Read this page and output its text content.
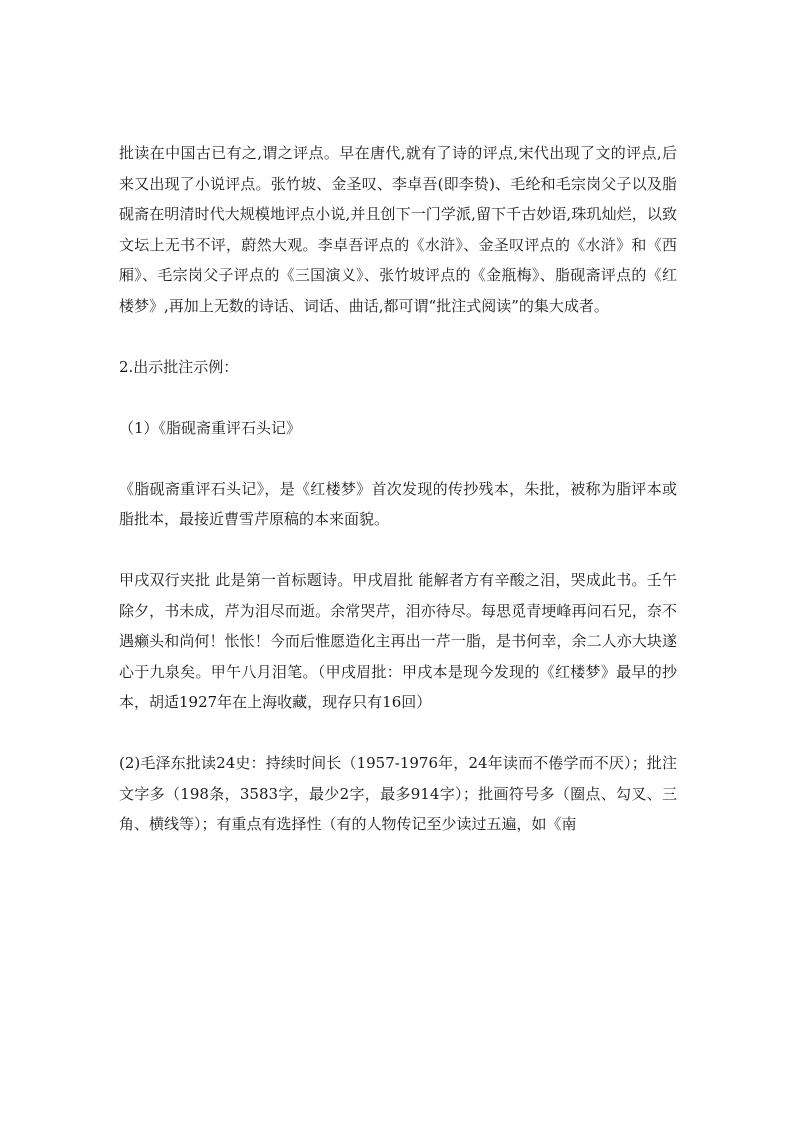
批读在中国古已有之,谓之评点。早在唐代,就有了诗的评点,宋代出现了文的评点,后来又出现了小说评点。张竹坡、金圣叹、李卓吾(即李贽)、毛纶和毛宗岗父子以及脂砚斋在明清时代大规模地评点小说,并且创下一门学派,留下千古妙语,珠玑灿烂，以致文坛上无书不评，蔚然大观。李卓吾评点的《水浒》、金圣叹评点的《水浒》和《西厢》、毛宗岗父子评点的《三国演义》、张竹坡评点的《金瓶梅》、脂砚斋评点的《红楼梦》,再加上无数的诗话、词话、曲话,都可谓“批注式阅读”的集大成者。

2.出示批注示例：

（1）《脂砚斋重评石头记》

《脂砚斋重评石头记》，是《红楼梦》首次发现的传抄残本，朱批，被称为脂评本或脂批本，最接近曹雪芹原稿的本来面貌。

甲戌双行夹批 此是第一首标题诗。甲戌眉批 能解者方有辛酸之泪，哭成此书。壬午除夕，书未成，芹为泪尽而逝。余常哭芹，泪亦待尽。每思觅青埂峰再问石兄，奈不遇癞头和尚何！怅怅！今而后惟愿造化主再出一芹一脂，是书何幸，余二人亦大块遂心于九泉矣。甲午八月泪笔。（甲戌眉批：甲戌本是现今发现的《红楼梦》最早的抄本，胡适1927年在上海收藏，现存只有16回）

(2)毛泽东批读24史：持续时间长（1957-1976年，24年读而不倦学而不厌）；批注文字多（198条，3583字，最少2字，最多914字）；批画符号多（圈点、勾叉、三角、横线等）；有重点有选择性（有的人物传记至少读过五遍，如《南
